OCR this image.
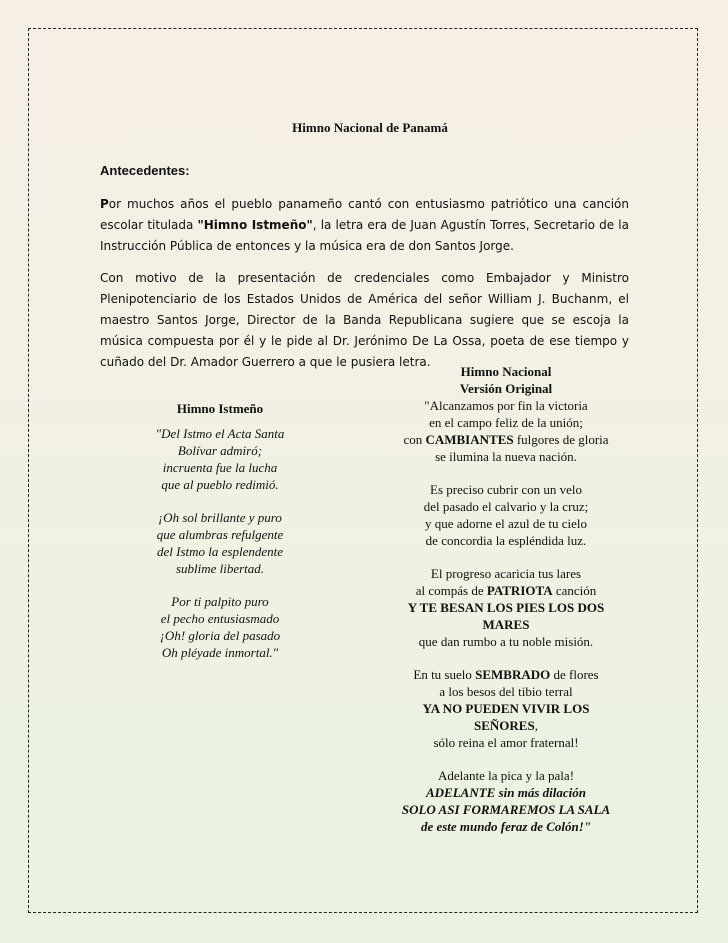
Himno Nacional de Panamá
Antecedentes:

Por muchos años el pueblo panameño cantó con entusiasmo patriótico una canción escolar titulada "Himno Istmeño", la letra era de Juan Agustín Torres, Secretario de la Instrucción Pública de entonces y la música era de don Santos Jorge.

Con motivo de la presentación de credenciales como Embajador y Ministro Plenipotenciario de los Estados Unidos de América del señor William J. Buchanm, el maestro Santos Jorge, Director de la Banda Republicana sugiere que se escoja la música compuesta por él y le pide al Dr. Jerónimo De La Ossa, poeta de ese tiempo y cuñado del Dr. Amador Guerrero a que le pusiera letra.

Himno Istmeño
"Del Istmo el Acta Santa
Bolívar admiró;
incruenta fue la lucha
que al pueblo redimió.
¡Oh sol brillante y puro
que alumbras refulgente
del Istmo la esplendente
sublime libertad.
Por ti palpito puro
el pecho entusiasmado
¡Oh! gloria del pasado
Oh pléyade inmortal."
Himno Nacional
Versión Original
"Alcanzamos por fin la victoria
en el campo feliz de la unión;
con CAMBIANTES fulgores de gloria
se ilumina la nueva nación.
Es preciso cubrir con un velo
del pasado el calvario y la cruz;
y que adorne el azul de tu cielo
de concordia la espléndida luz.
El progreso acaricia tus lares
al compás de PATRIOTA canción
Y TE BESAN LOS PIES LOS DOS MARES
que dan rumbo a tu noble misión.
En tu suelo SEMBRADO de flores
a los besos del tibio terral
YA NO PUEDEN VIVIR LOS SEÑORES,
sólo reina el amor fraternal!
Adelante la pica y la pala!
ADELANTE sin más dilación
SOLO ASI FORMAREMOS LA SALA
de este mundo feraz de Colón!"
